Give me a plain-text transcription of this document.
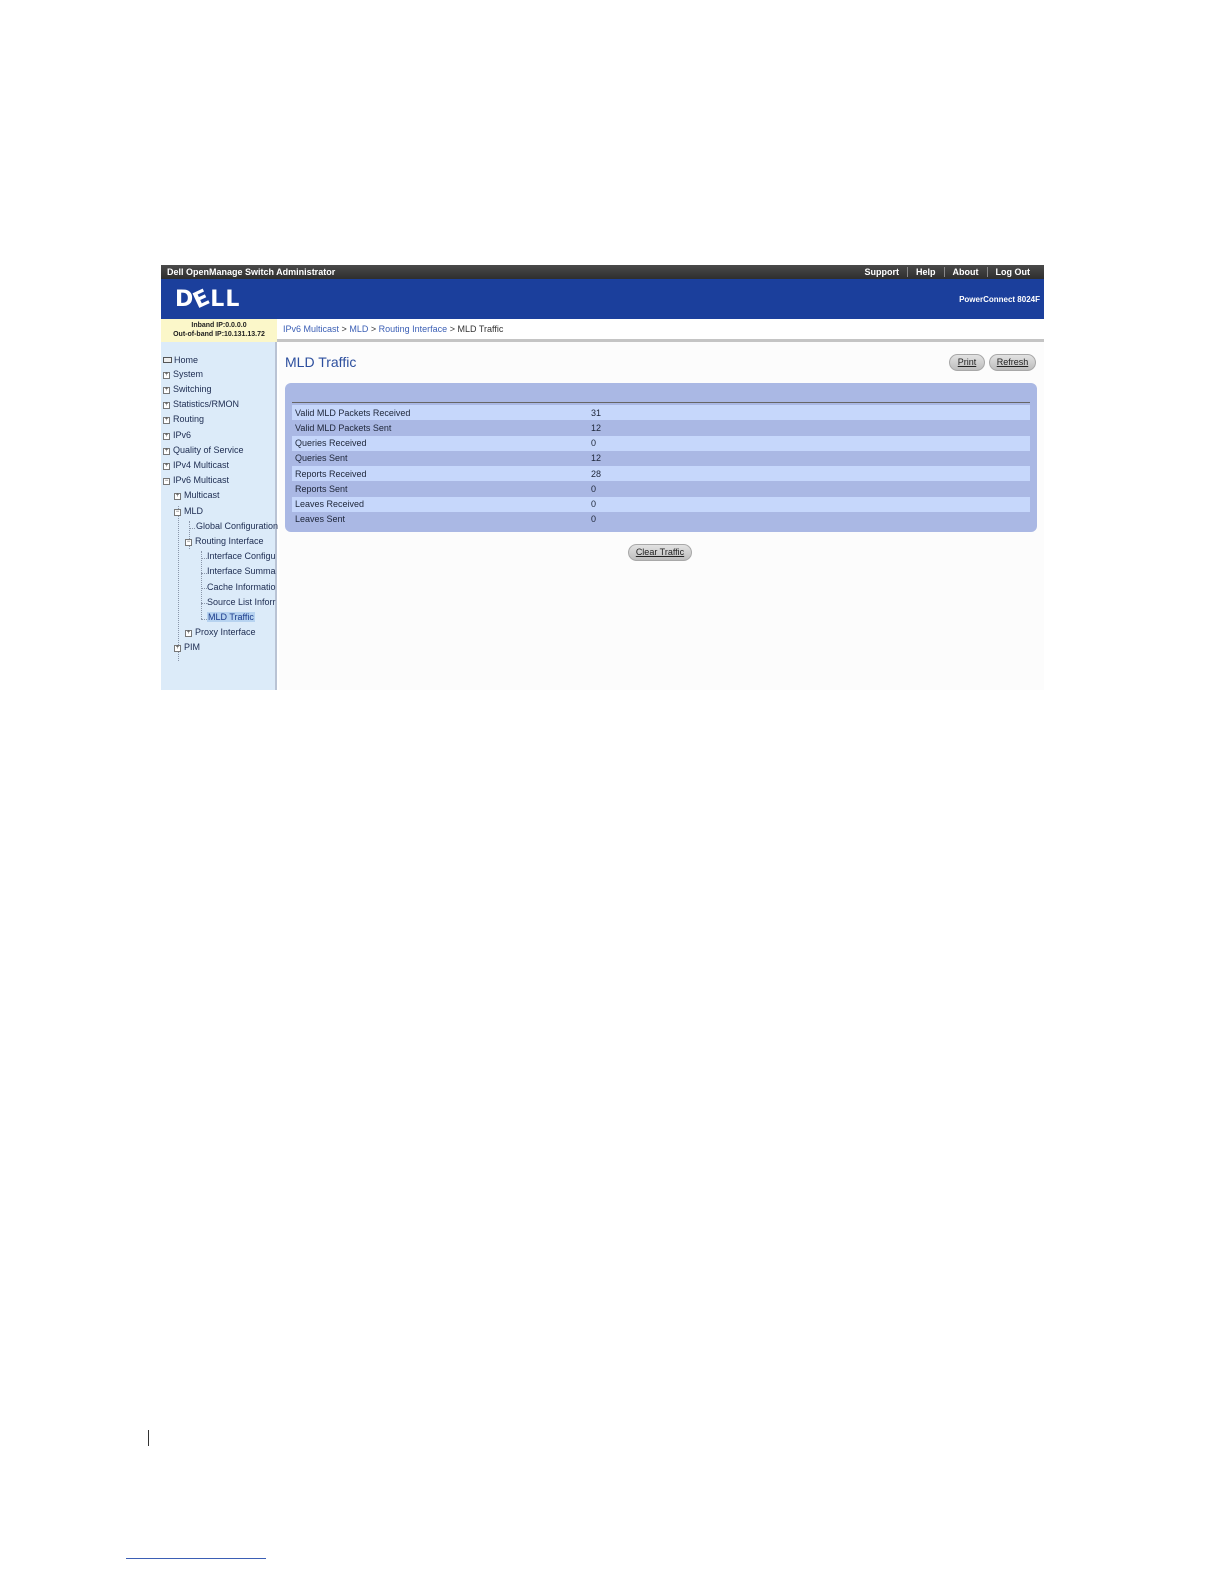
Dell OpenManage Switch Administrator	Support	Help	About	Log Out
DELL	PowerConnect 8024F
Inband IP:0.0.0.0
Out-of-band IP:10.131.13.72
IPv6 Multicast > MLD > Routing Interface > MLD Traffic
Home
+ System
+ Switching
+ Statistics/RMON
+ Routing
+ IPv6
+ Quality of Service
+ IPv4 Multicast
− IPv6 Multicast
+ Multicast
− MLD
Global Configuration
− Routing Interface
Interface Configu
Interface Summa
Cache Informatio
Source List Inforr
MLD Traffic
+ Proxy Interface
+ PIM
MLD Traffic	Print	Refresh
Valid MLD Packets Received	31
Valid MLD Packets Sent	12
Queries Received	0
Queries Sent	12
Reports Received	28
Reports Sent	0
Leaves Received	0
Leaves Sent	0
Clear Traffic
